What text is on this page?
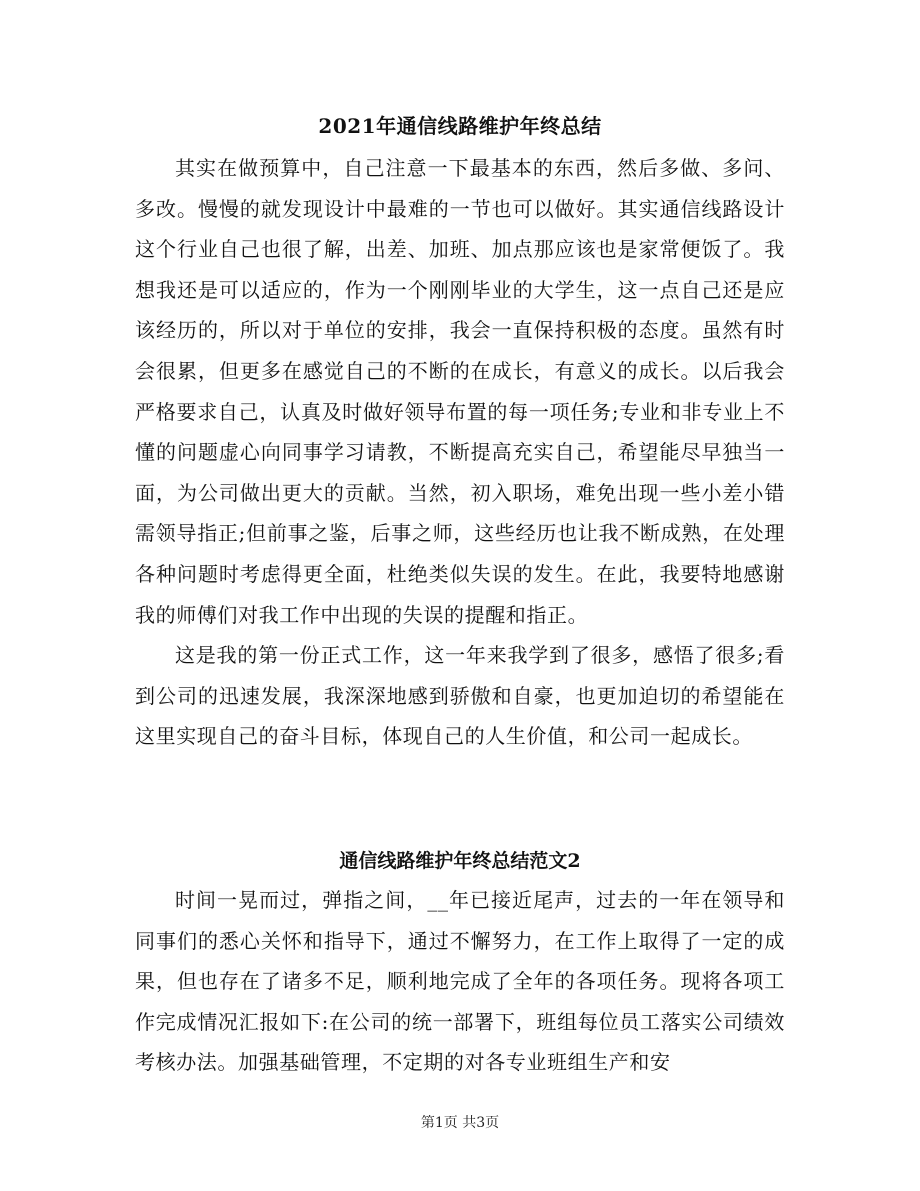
2021年通信线路维护年终总结

其实在做预算中，自己注意一下最基本的东西，然后多做、多问、多改。慢慢的就发现设计中最难的一节也可以做好。其实通信线路设计这个行业自己也很了解，出差、加班、加点那应该也是家常便饭了。我想我还是可以适应的，作为一个刚刚毕业的大学生，这一点自己还是应该经历的，所以对于单位的安排，我会一直保持积极的态度。虽然有时会很累，但更多在感觉自己的不断的在成长，有意义的成长。以后我会严格要求自己，认真及时做好领导布置的每一项任务;专业和非专业上不懂的问题虚心向同事学习请教，不断提高充实自己，希望能尽早独当一面，为公司做出更大的贡献。当然，初入职场，难免出现一些小差小错需领导指正;但前事之鉴，后事之师，这些经历也让我不断成熟，在处理各种问题时考虑得更全面，杜绝类似失误的发生。在此，我要特地感谢我的师傅们对我工作中出现的失误的提醒和指正。

这是我的第一份正式工作，这一年来我学到了很多，感悟了很多;看到公司的迅速发展，我深深地感到骄傲和自豪，也更加迫切的希望能在这里实现自己的奋斗目标，体现自己的人生价值，和公司一起成长。

通信线路维护年终总结范文2

时间一晃而过，弹指之间，__年已接近尾声，过去的一年在领导和同事们的悉心关怀和指导下，通过不懈努力，在工作上取得了一定的成果，但也存在了诸多不足，顺利地完成了全年的各项任务。现将各项工作完成情况汇报如下:在公司的统一部署下，班组每位员工落实公司绩效考核办法。加强基础管理，不定期的对各专业班组生产和安

第1页 共3页
